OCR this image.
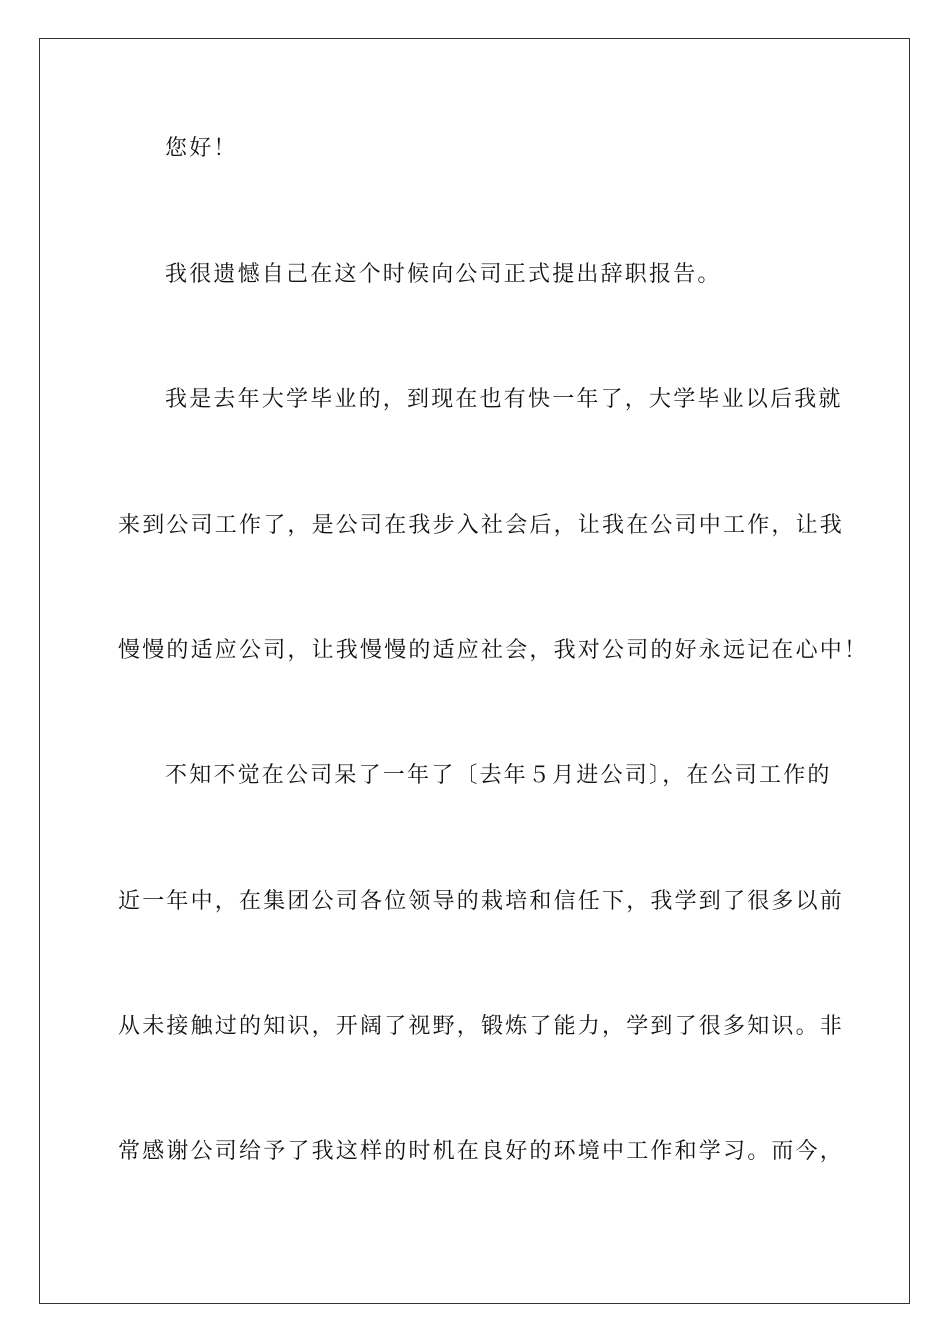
您好！
我很遗憾自己在这个时候向公司正式提出辞职报告。
我是去年大学毕业的，到现在也有快一年了，大学毕业以后我就
来到公司工作了，是公司在我步入社会后，让我在公司中工作，让我
慢慢的适应公司，让我慢慢的适应社会，我对公司的好永远记在心中！
不知不觉在公司呆了一年了〔去年５月进公司〕，在公司工作的
近一年中，在集团公司各位领导的栽培和信任下，我学到了很多以前
从未接触过的知识，开阔了视野，锻炼了能力，学到了很多知识。非
常感谢公司给予了我这样的时机在良好的环境中工作和学习。而今，
